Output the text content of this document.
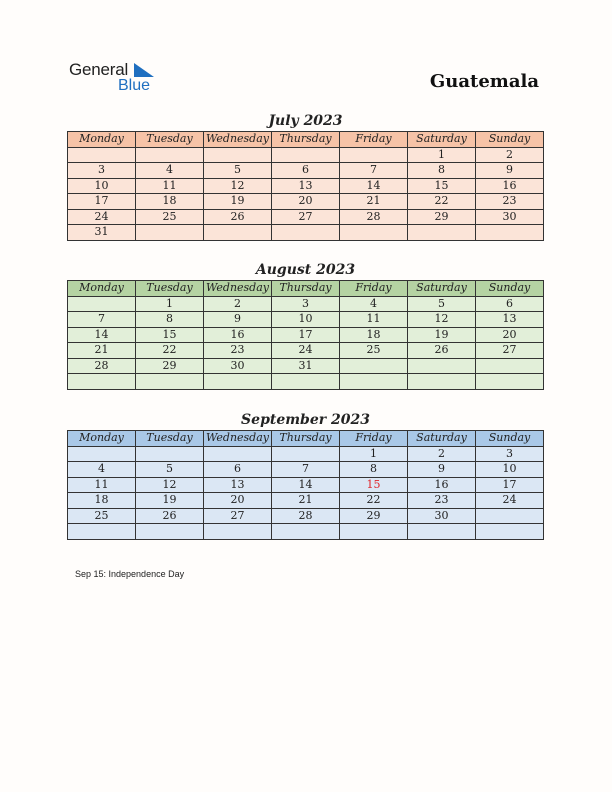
General
Blue	Guatemala
July 2023
Monday	Tuesday	Wednesday	Thursday	Friday	Saturday	Sunday
					1	2
3	4	5	6	7	8	9
10	11	12	13	14	15	16
17	18	19	20	21	22	23
24	25	26	27	28	29	30
31						
August 2023
Monday	Tuesday	Wednesday	Thursday	Friday	Saturday	Sunday
	1	2	3	4	5	6
7	8	9	10	11	12	13
14	15	16	17	18	19	20
21	22	23	24	25	26	27
28	29	30	31			

September 2023
Monday	Tuesday	Wednesday	Thursday	Friday	Saturday	Sunday
				1	2	3
4	5	6	7	8	9	10
11	12	13	14	15	16	17
18	19	20	21	22	23	24
25	26	27	28	29	30	

Sep 15: Independence Day
